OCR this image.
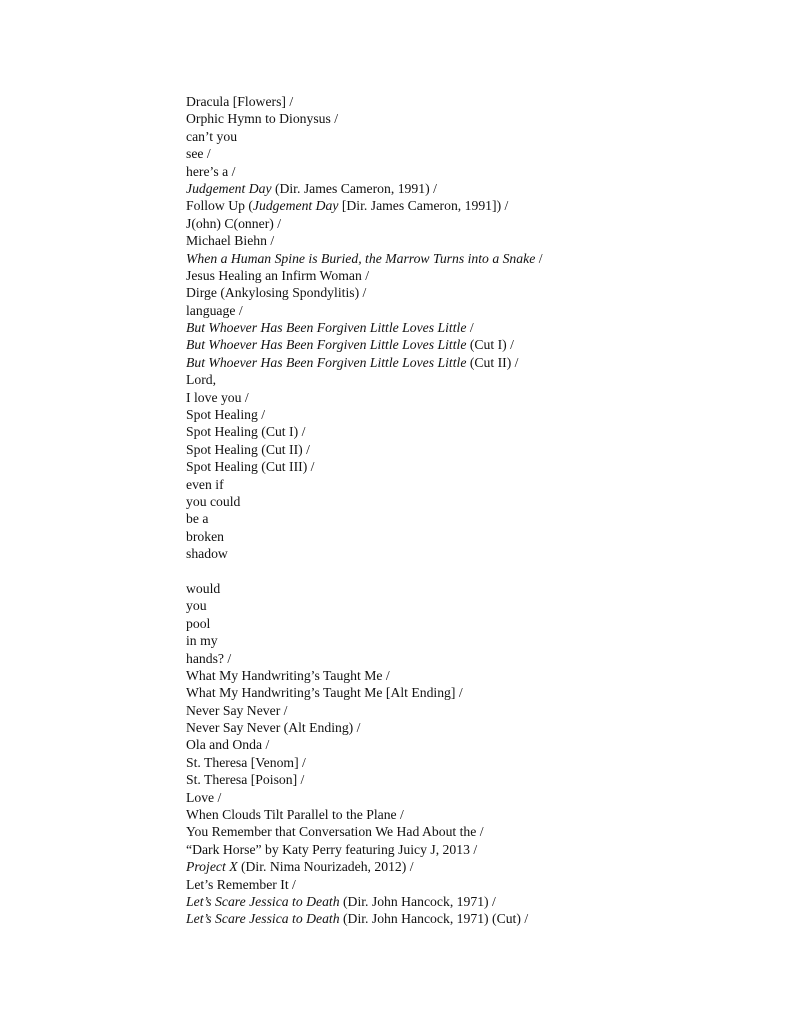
Dracula [Flowers] /
Orphic Hymn to Dionysus /
can’t you
see /
here’s a /
Judgement Day (Dir. James Cameron, 1991) /
Follow Up (Judgement Day [Dir. James Cameron, 1991]) /
J(ohn) C(onner) /
Michael Biehn /
When a Human Spine is Buried, the Marrow Turns into a Snake /
Jesus Healing an Infirm Woman /
Dirge (Ankylosing Spondylitis) /
language /
But Whoever Has Been Forgiven Little Loves Little /
But Whoever Has Been Forgiven Little Loves Little (Cut I) /
But Whoever Has Been Forgiven Little Loves Little (Cut II) /
Lord,
I love you /
Spot Healing /
Spot Healing (Cut I) /
Spot Healing (Cut II) /
Spot Healing (Cut III) /
even if
you could
be a
broken
shadow
would
you
pool
in my
hands? /
What My Handwriting’s Taught Me /
What My Handwriting’s Taught Me [Alt Ending] /
Never Say Never /
Never Say Never (Alt Ending) /
Ola and Onda /
St. Theresa [Venom] /
St. Theresa [Poison] /
Love /
When Clouds Tilt Parallel to the Plane /
You Remember that Conversation We Had About the /
“Dark Horse” by Katy Perry featuring Juicy J, 2013 /
Project X (Dir. Nima Nourizadeh, 2012) /
Let’s Remember It /
Let’s Scare Jessica to Death (Dir. John Hancock, 1971) /
Let’s Scare Jessica to Death (Dir. John Hancock, 1971) (Cut) /
